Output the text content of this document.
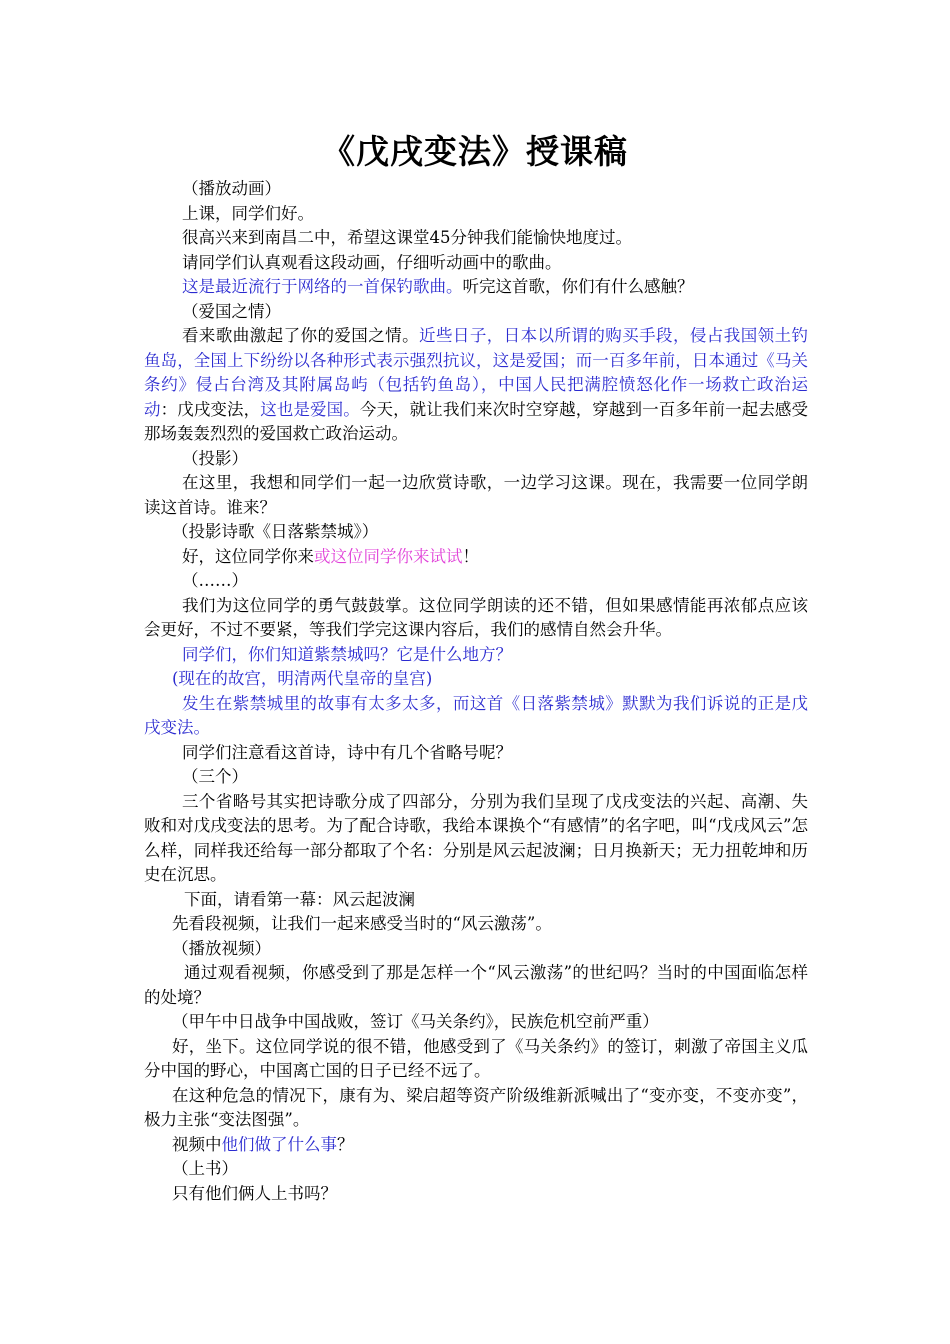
《戊戌变法》授课稿

（播放动画）

上课，同学们好。

很高兴来到南昌二中，希望这课堂45分钟我们能愉快地度过。

请同学们认真观看这段动画，仔细听动画中的歌曲。

这是最近流行于网络的一首保钓歌曲。听完这首歌，你们有什么感触？

（爱国之情）

看来歌曲激起了你的爱国之情。近些日子，日本以所谓的购买手段，侵占我国领土钓鱼岛，全国上下纷纷以各种形式表示强烈抗议，这是爱国；而一百多年前，日本通过《马关条约》侵占台湾及其附属岛屿（包括钓鱼岛），中国人民把满腔愤怒化作一场救亡政治运动：戊戌变法，这也是爱国。今天，就让我们来次时空穿越，穿越到一百多年前一起去感受那场轰轰烈烈的爱国救亡政治运动。

（投影）

在这里，我想和同学们一起一边欣赏诗歌，一边学习这课。现在，我需要一位同学朗读这首诗。谁来？

（投影诗歌《日落紫禁城》）

好，这位同学你来或这位同学你来试试！

（……）

我们为这位同学的勇气鼓鼓掌。这位同学朗读的还不错，但如果感情能再浓郁点应该会更好，不过不要紧，等我们学完这课内容后，我们的感情自然会升华。

同学们，你们知道紫禁城吗？它是什么地方？

(现在的故宫，明清两代皇帝的皇宫)

发生在紫禁城里的故事有太多太多，而这首《日落紫禁城》默默为我们诉说的正是戊戌变法。

同学们注意看这首诗，诗中有几个省略号呢？

（三个）

三个省略号其实把诗歌分成了四部分，分别为我们呈现了戊戌变法的兴起、高潮、失败和对戊戌变法的思考。为了配合诗歌，我给本课换个“有感情”的名字吧，叫“戊戌风云”怎么样，同样我还给每一部分都取了个名：分别是风云起波澜；日月换新天；无力扭乾坤和历史在沉思。

下面，请看第一幕：风云起波澜

先看段视频，让我们一起来感受当时的“风云激荡”。

（播放视频）

通过观看视频，你感受到了那是怎样一个“风云激荡”的世纪吗？当时的中国面临怎样的处境？

（甲午中日战争中国战败，签订《马关条约》，民族危机空前严重）

好，坐下。这位同学说的很不错，他感受到了《马关条约》的签订，刺激了帝国主义瓜分中国的野心，中国离亡国的日子已经不远了。

在这种危急的情况下，康有为、梁启超等资产阶级维新派喊出了“变亦变，不变亦变”， 极力主张“变法图强”。

视频中他们做了什么事？

（上书）

只有他们俩人上书吗？
